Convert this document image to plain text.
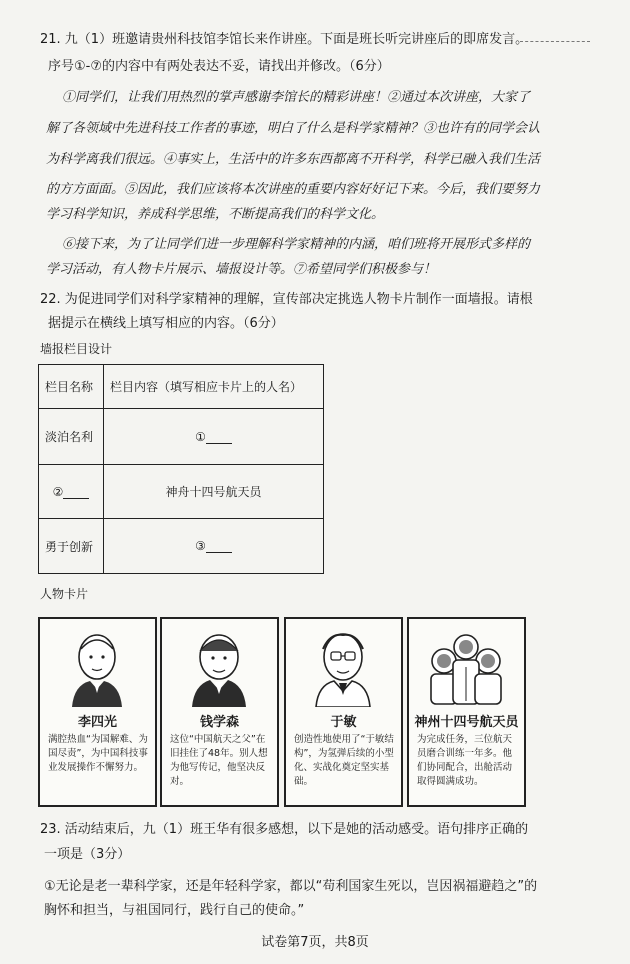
21. 九（1）班邀请贵州科技馆李馆长来作讲座。下面是班长听完讲座后的即席发言。
序号①-⑦的内容中有两处表达不妥，请找出并修改。（6分）
①同学们，让我们用热烈的掌声感谢李馆长的精彩讲座！②通过本次讲座，大家了
解了各领域中先进科技工作者的事迹，明白了什么是科学家精神？③也许有的同学会认
为科学离我们很远。④事实上，生活中的许多东西都离不开科学，科学已融入我们生活
的方方面面。⑤因此，我们应该将本次讲座的重要内容好好记下来。今后，我们要努力
学习科学知识，养成科学思维，不断提高我们的科学文化。
⑥接下来，为了让同学们进一步理解科学家精神的内涵，咱们班将开展形式多样的
学习活动，有人物卡片展示、墙报设计等。⑦希望同学们积极参与！
22. 为促进同学们对科学家精神的理解，宣传部决定挑选人物卡片制作一面墙报。请根
据提示在横线上填写相应的内容。（6分）
墙报栏目设计
栏目名称	栏目内容（填写相应卡片上的人名）
淡泊名利	①
②	神舟十四号航天员
勇于创新	③
人物卡片
李四光
满腔热血“为国解难、为国尽责”，为中国科技事业发展操作不懈努力。
钱学森
这位“中国航天之父”在旧挂住了48年。别人想为他写传记，他坚决反对。
于敏
创造性地使用了“于敏结构”，为氢弹后续的小型化、实战化奠定坚实基础。
神州十四号航天员
为完成任务，三位航天员磨合训练一年多。他们协同配合，出舱活动取得圆满成功。
23. 活动结束后，九（1）班王华有很多感想，以下是她的活动感受。语句排序正确的
一项是（3分）
①无论是老一辈科学家，还是年轻科学家，都以“苟利国家生死以，岂因祸福避趋之”的
胸怀和担当，与祖国同行，践行自己的使命。”
试卷第7页，共8页
